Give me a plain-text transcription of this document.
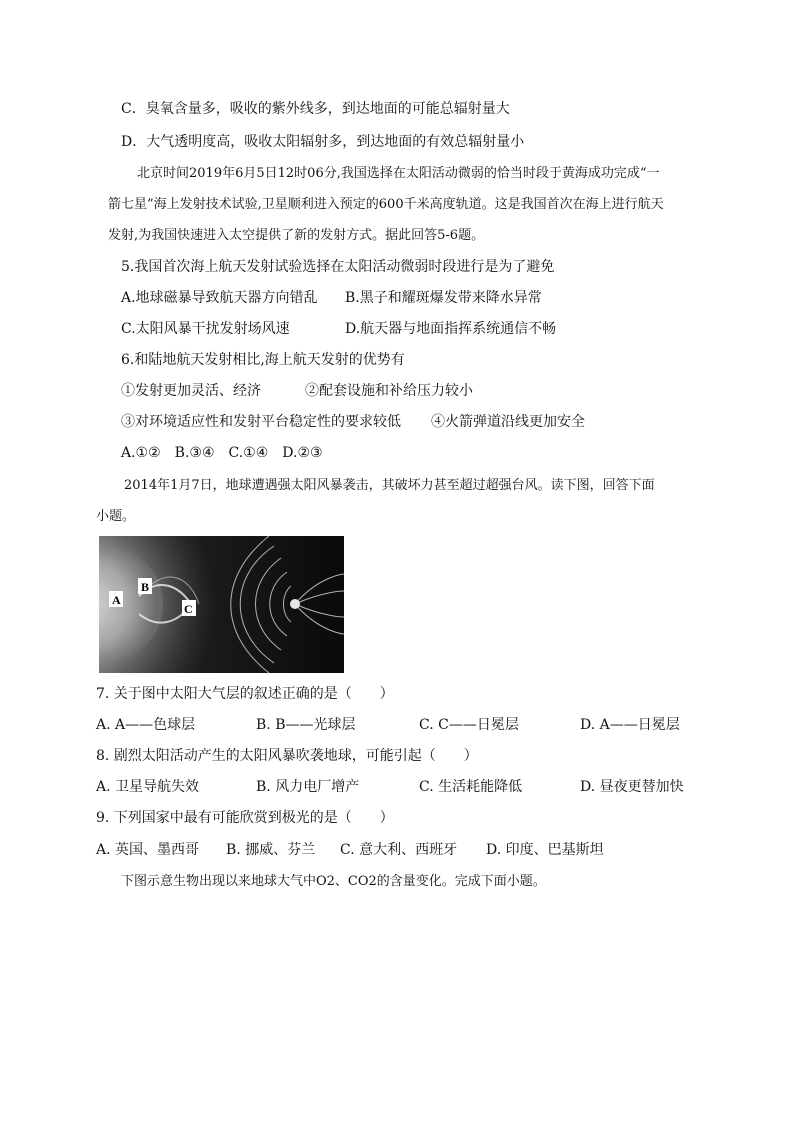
C．臭氧含量多，吸收的紫外线多，到达地面的可能总辐射量大
D．大气透明度高，吸收太阳辐射多，到达地面的有效总辐射量小
北京时间2019年6月5日12时06分,我国选择在太阳活动微弱的恰当时段于黄海成功完成“一
箭七星”海上发射技术试验,卫星顺利进入预定的600千米高度轨道。这是我国首次在海上进行航天
发射,为我国快速进入太空提供了新的发射方式。据此回答5-6题。
5.我国首次海上航天发射试验选择在太阳活动微弱时段进行是为了避免
A.地球磁暴导致航天器方向错乱 B.黑子和耀斑爆发带来降水异常
C.太阳风暴干扰发射场风速	D.航天器与地面指挥系统通信不畅
6.和陆地航天发射相比,海上航天发射的优势有
①发射更加灵活、经济	②配套设施和补给压力较小
③对环境适应性和发射平台稳定性的要求较低 ④火箭弹道沿线更加安全
A.①②　B.③④　C.①④　D.②③
2014年1月7日，地球遭遇强太阳风暴袭击，其破坏力甚至超过超强台风。读下图，回答下面
小题。
A
B
C
7. 关于图中太阳大气层的叙述正确的是（　　）
A. A——色球层	B. B——光球层	C. C——日冕层	D. A——日冕层
8. 剧烈太阳活动产生的太阳风暴吹袭地球，可能引起（　　）
A. 卫星导航失效	B. 风力电厂增产	C. 生活耗能降低	D. 昼夜更替加快
9. 下列国家中最有可能欣赏到极光的是（　　）
A. 英国、墨西哥 B. 挪威、芬兰 C. 意大利、西班牙 D. 印度、巴基斯坦
下图示意生物出现以来地球大气中O2、CO2的含量变化。完成下面小题。
